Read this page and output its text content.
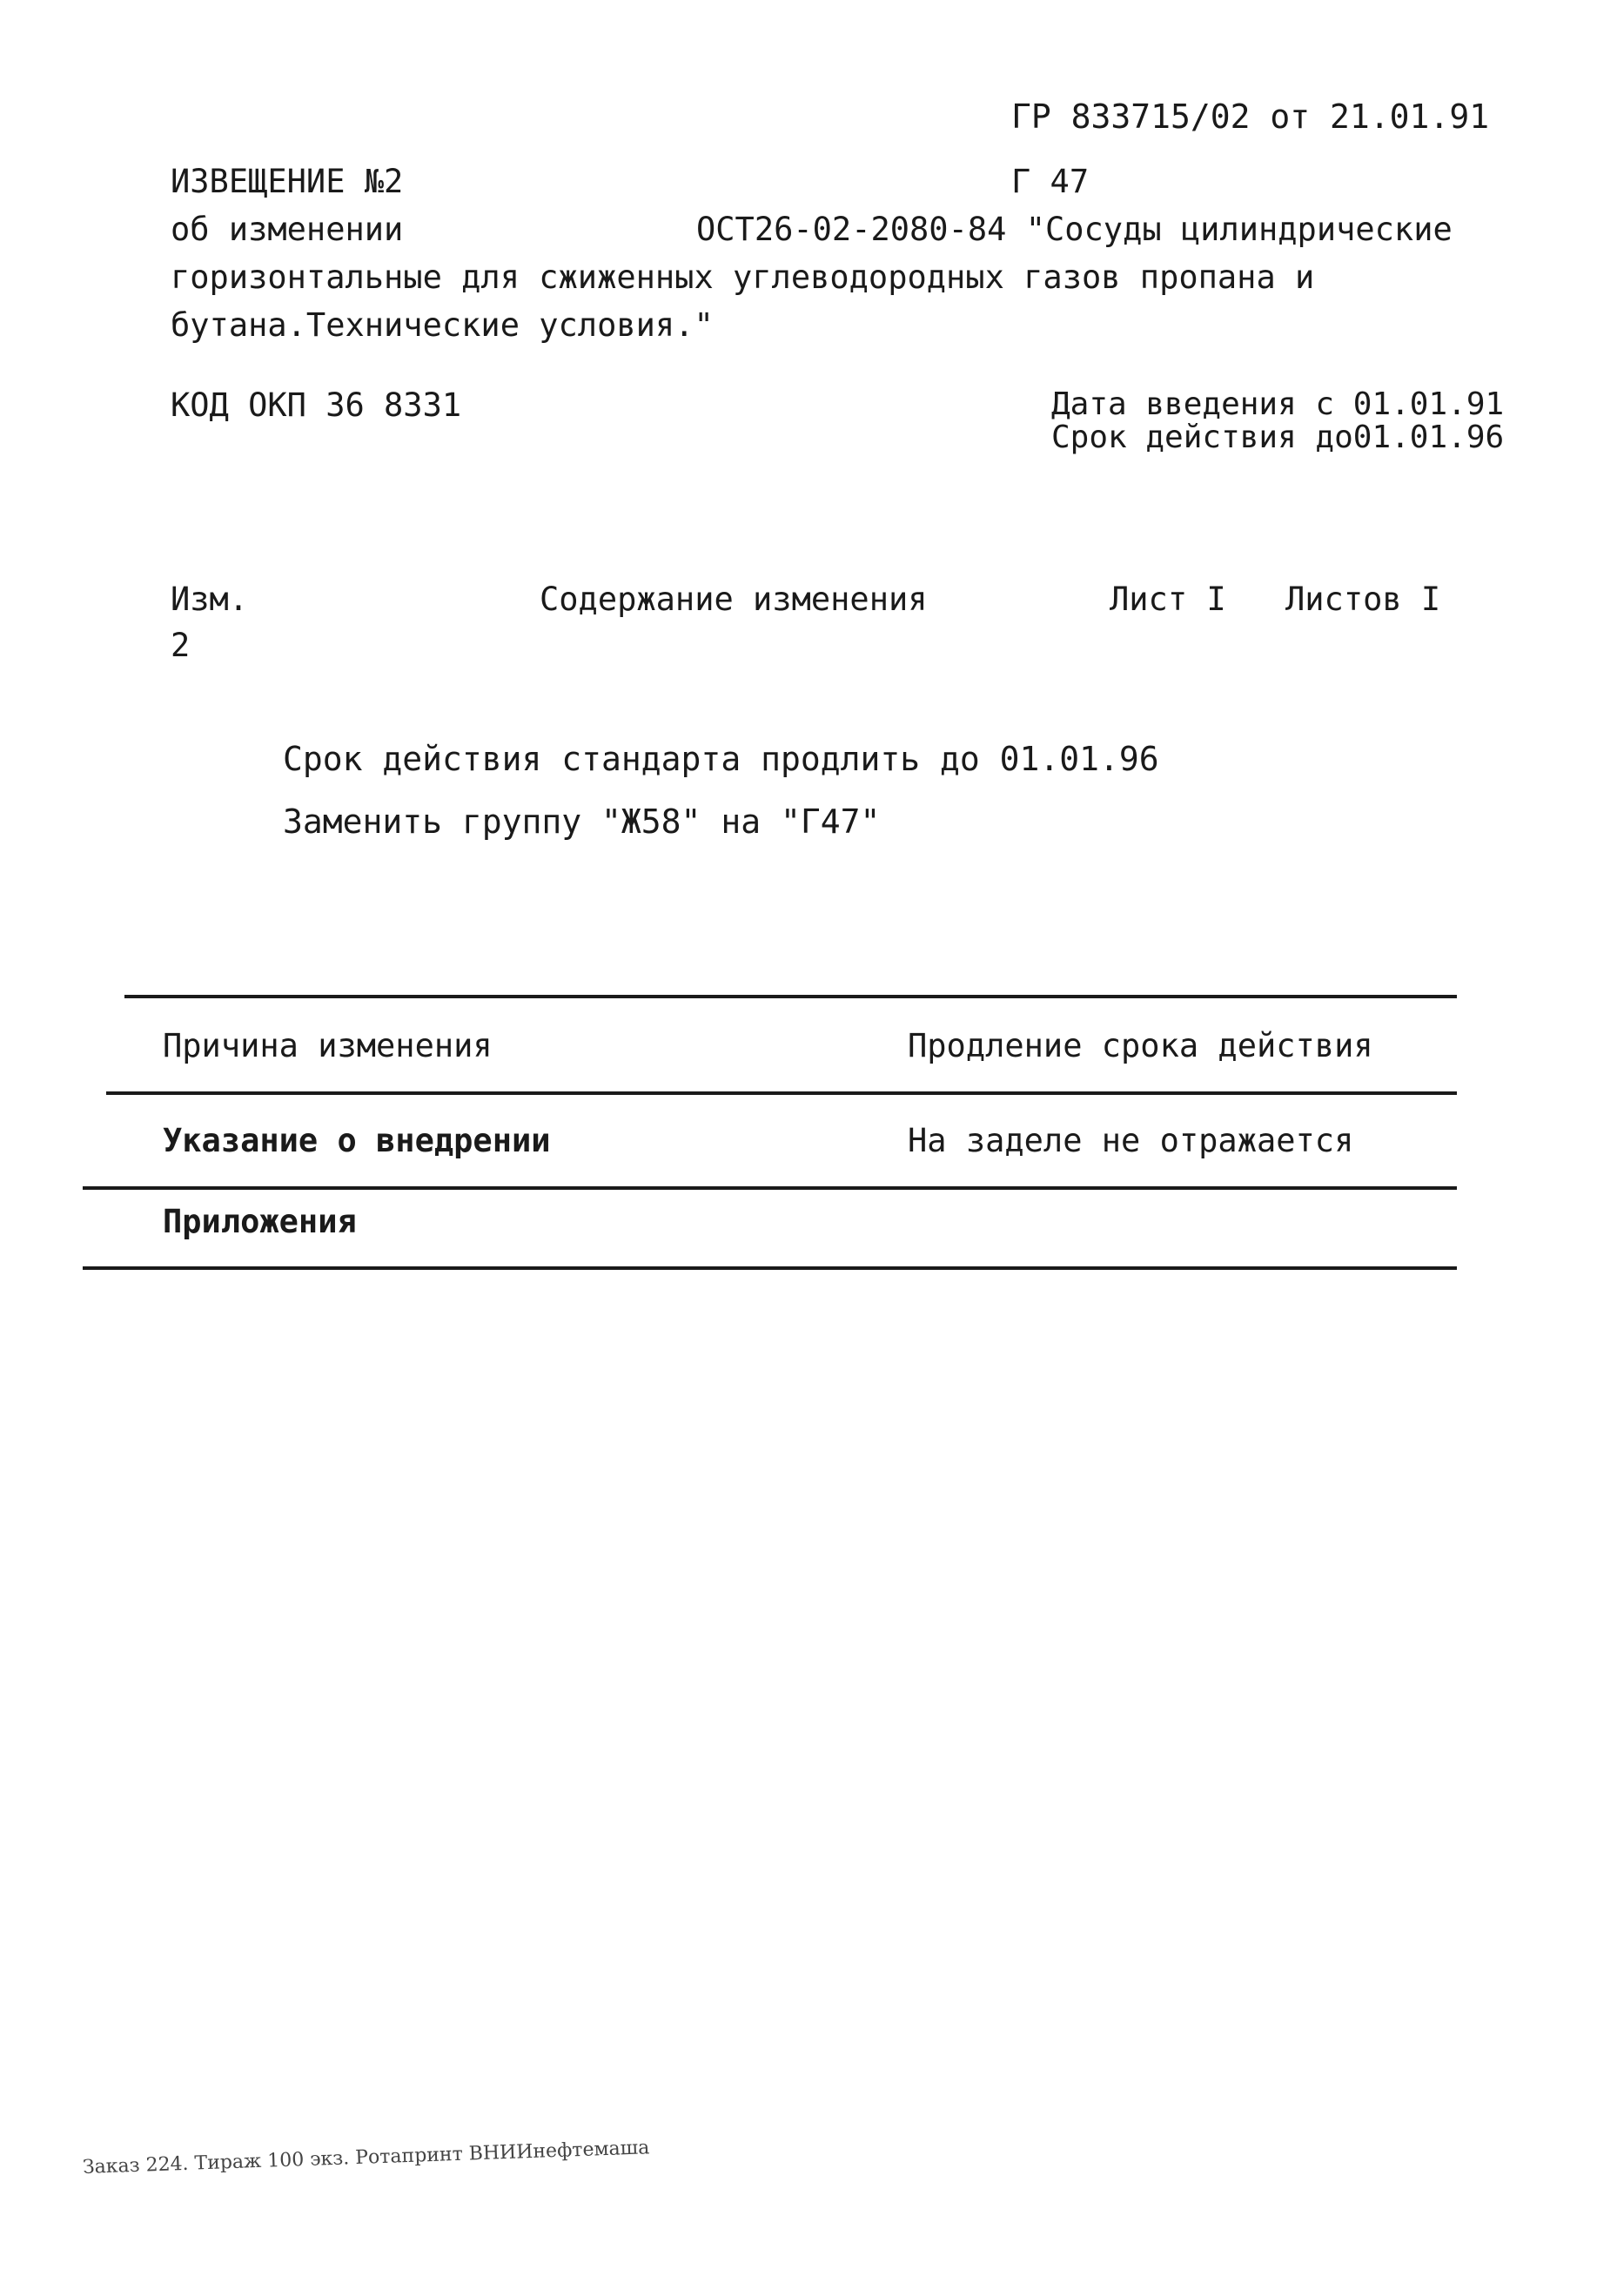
ГР 833715/02 от 21.01.91
ИЗВЕЩЕНИЕ №2	Г 47
об изменении	ОСТ26-02-2080-84 "Сосуды цилиндрические
горизонтальные для сжиженных углеводородных газов пропана и
бутана.Технические условия."
КОД ОКП 36 8331	Дата введения с 01.01.91
Срок действия до01.01.96
Изм.
2
Содержание изменения	Лист I Листов I
Срок действия стандарта продлить до 01.01.96
Заменить группу "Ж58" на "Г47"
Причина изменения	Продление срока действия
Указание о внедрении	На заделе не отражается
Приложения
Заказ 224. Тираж 100 экз. Ротапринт ВНИИнефтемаша
